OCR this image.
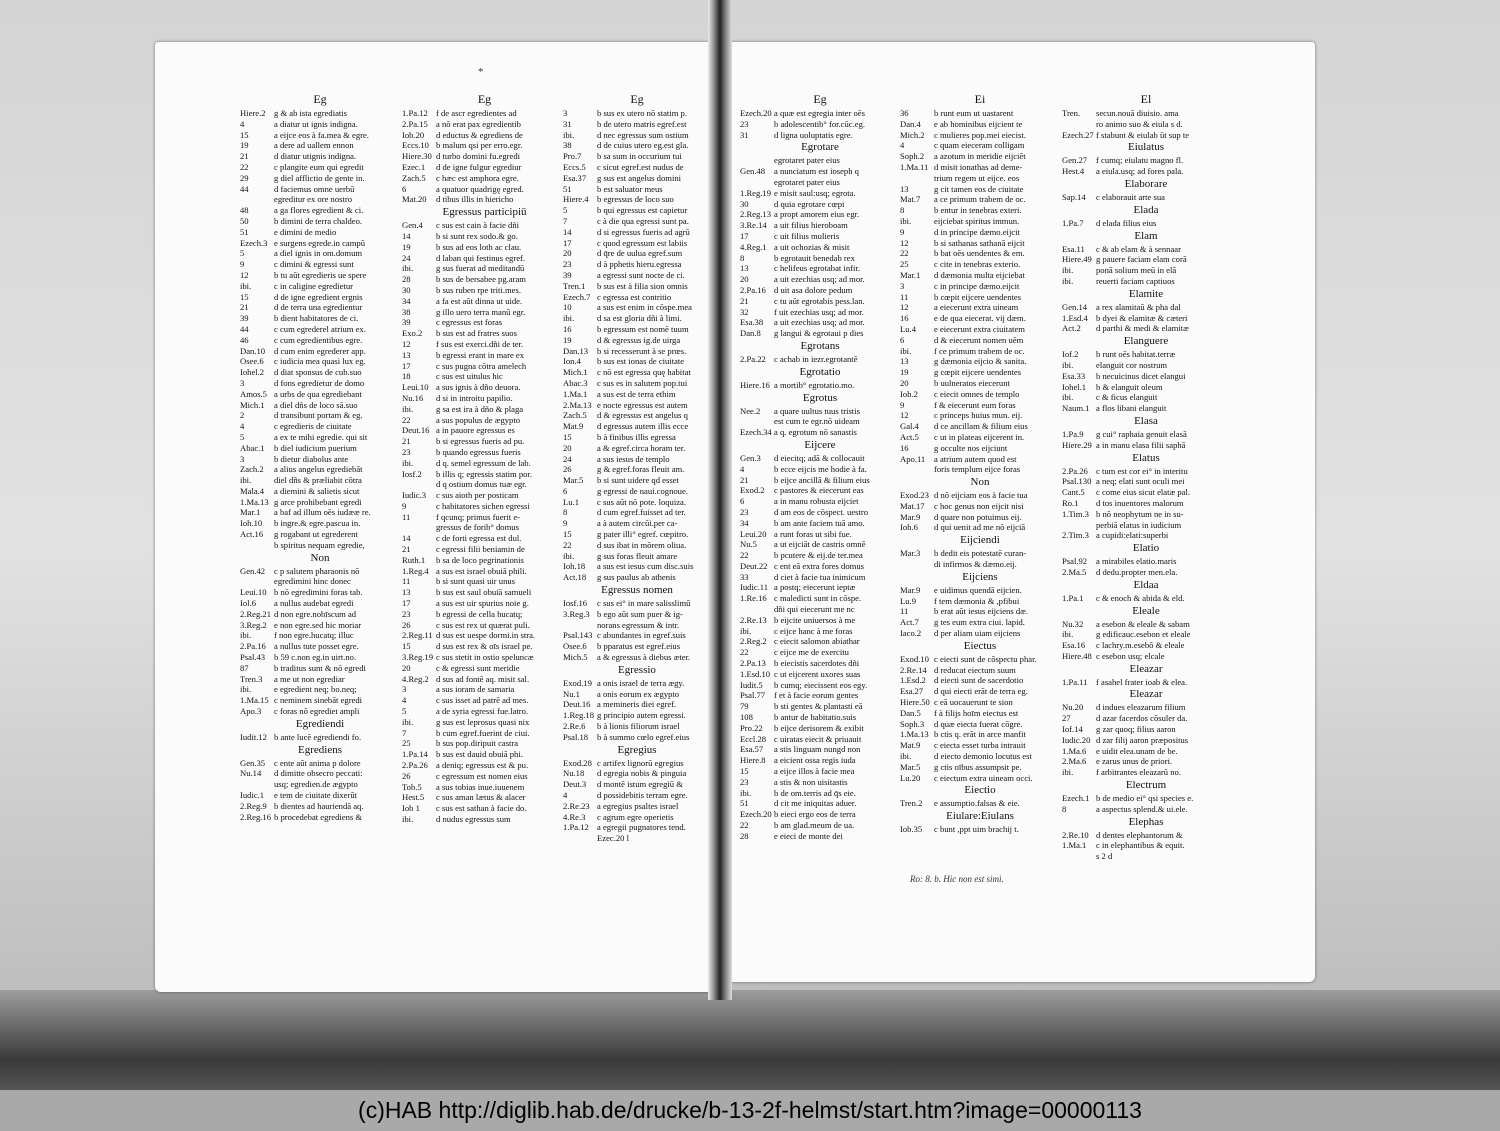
*
Eg
Hiere.2 g & ab ista egrediatis
4	a diatur ut ignis indigna.
15	a eijce eos à fa.mea & egre.
19	a dere ad uallem ennon
21	d diatur utignis indigna.
22	c plangite eum qui egredit
29	g diel afflictio de gente in.
44	d faciemus omne uerbū
egreditur ex ore nostro
48	a ga flores egredient & ci.
50	b dimini de terra chaldeo.
51	e dimini de medio
Ezech.3 e surgens egrede.in campū
5	a diel ignis in om.domum
9	c dimini & egressi sunt
12	b tu aūt egredieris ue spere
ibi.	c in caligine egredietur
15	d de igne egredient ergnis
21	d de terra una egredientur
39	b dient habitatores de ci.
44	c cum egrederel atrium ex.
46	c cum egredientibus egre.
Dan.10 d cum enim egrederer app.
Osee.6 c iudicia mea quasi lux eg.
Iohel.2 d diat sponsus de cub.suo
3	d fons egredietur de domo
Amos.5 a urbs de qua egrediebant
Mich.1 a diel dñs de loco sā.suo
2	d transibunt portam & eg.
4	c egredieris de ciuitate
5	a ex te mihi egredie. qui sit
Abac.1 b diel iudicium puerium
3	b dietur diabolus ante
Zach.2 a alius angelus egrediebāt
ibi.	diel dñs & præliabit cōtra
Mala.4 a diemini & salietis sicut
1.Ma.13 g arce prohibebant egredi
Mar.1 a baf ad illum oēs iudææ re.
Ioh.10 b ingre.& egre.pascua in.
Act.16 g rogabant ut egrederent
b spiritus nequam egredie,
Non
Gen.42 c p salutem pharaonis nō
egredimini hinc donec
Leui.10 b nō egredimini foras tab.
Iol.6 a nullus audebat egredi
2.Reg.21 d non egre.nobīscum ad
3.Reg.2 e non egre.sed hic moriar
ibi.	f non egre.hucatq; illuc
2.Pa.16 a nullus tute posset egre.
Psal.43 b 59 c.non eg.in uirt.no.
87	b traditus sum & nō egredi
Tren.3 a me ut non egrediar
ibi.	e egredient neq; bo.neq;
1.Ma.15 c neminem sinebāt egredi
Apo.3 c foras nō egrediet ampli
Egrediendi
Iudit.12 b ante lucē egrediendi fo.
Egrediens
Gen.35 c ente aūt anima p dolore
Nu.14 d dimitte obsecro peccati:
usq; egredien.de ægypto
Iudic.1 e tem de ciuitate dixerūt
2.Reg.9 b dientes ad hauriendā aq.
2.Reg.16 b procedebat egrediens &
Eg
1.Pa.12 f de ascr egredientes ad
2.Pa.15 a nō erat pax egredientib
Iob.20 d eductus & egrediens de
Eccs.10 b malum qsi per erro.egr.
Hiere.30 d turbo domini fu.egredi
Ezec.1 d de igne fulgur egrediur
Zach.5 c hæc est amphora egre.
6	a quatuor quadrigę egred.
Mat.20 d tibus illis in hiericho
Egressus participiū
Gen.4 c sus est cain à facie dñi
14	b si sunt rex sodo.& go.
19	b sus ad eos loth ac clau.
24	d laban qui festinus egref.
ibi.	g sus fuerat ad meditandū
28	b sus de bersabee pg.aram
30	b sus ruben rpe triti.mes.
34	a fa est aūt dinna ut uide.
38	g illo uero terra manū egr.
39	c egressus est foras
Exo.2 b sus est ad fratres suos
12	f sus est exerci.dñi de ter.
13	b egressi erant in mare ex
17	c sus pugna cōtra amelech
18	c sus est uitulus hic
Leui.10 a sus ignis à dño deuora.
Nu.16 d si in introitu papilio.
ibi.	g sa est ira à dño & plaga
22	a sus populus de ægypto
Deut.16 a in pauore egressus es
21	b si egressus fueris ad pu.
23	b quando egressus fueris
ibi.	d q. semel egressum de lab.
Iosf.2 b illis q; egressis statim por.
d q ostium domus tuæ egr.
Iudic.3 c sus aioth per posticam
9	c habitatores sichen egressi
11	f qcunq; primus fuerit e-
gressus de forib° domus
14	c de forti egressa est dul.
21	c egressi filii beniamin de
Ruth.1 b sa de loco pegrinationis
1.Reg.4 a sus est israel obuiā phili.
11	b si sunt quasi uir unus
13	b sus est saul obuiā samueli
17	a sus est uir spurius noie g.
23	b egressi de cella hucatq;
26	c sus est rex ut quærat puli.
2.Reg.11 d sus est uespe dormi.in stra.
15	d sus est rex & oīs israel pe.
3.Reg.19 c sus stetit in ostio speluncæ
20	c & egressi sunt meridie
4.Reg.2 d sus ad fontē aq. misit sal.
3	a sus ioram de samaria
4	c sus isset ad patrē ad mes.
5	a de syria egressi fue.latro.
ibi.	g sus est leprosus quasi nix
7	b cum egref.fuerint de ciui.
25	b sus pop.diripuit castra
1.Pa.14 b sus est dauid obuiā phi.
2.Pa.26 a deniq; egressus est & pu.
26	c egressum est nomen eius
Tob.5 a sus tobias inue.iuuenem
Hest.5 c sus aman lætus & alacer
Iob 1 c sus est sathan à facie do.
ibi.	d nudus egressus sum
Eg
3	b sus ex utero nō statim p.
31	b de utero matris egref.est
ibi.	d nec egressus sum ostium
38	d de cuius utero eg.est gla.
Pro.7 b sa sum in occurium tui
Eccs.5 c sicut egref.est nudus de
Esa.37 g sus est angelus domini
51	b est saluator meus
Hiere.4 b egressus de loco suo
5	b qui egressus est capietur
7	c à die qua egressi sunt pa.
14	d si egressus fueris ad agrū
17	c quod egressum est labiis
20	d q̄re de uulua egref.sum
23	d à pphetis hieru.egressa
39	a egressi sunt nocte de ci.
Tren.1 b sus est à filia sion omnis
Ezech.7 c egressa est contritio
10	a sus est enim in cōspe.mea
ibi.	d sa est gloria dñi à limi.
16	b egressum est nomē tuum
19	d & egressus ig.de uirga
Dan.13 b si recesserunt à se prœs.
Ion.4 b sus est ionas de ciuitate
Mich.1 c nō est egressa quę habitat
Abac.3 c sus es in salutem pop.tui
1.Ma.1 a sus est de terra ethim
2.Ma.13 e nocte egressus est autem
Zach.5 d & egressus est angelus q
Mat.9 d egressus autem illis ecce
15	b à finibus illis egressa
20	a & egref.circa horam ter.
24	a sus iesus de templo
26	g & egref.foras fleuit am.
Mar.5 b si sunt uidere qd esset
6	g egressi de naui.cognoue.
Lu.1 c sus aūt nō pote. loquiza.
8	d cum egref.fuisset ad ter.
9	a à autem circūi.per ca-
15	g pater illi° egref. cœpitro.
22	d sus ibat in mõrem oliua.
ibi.	g sus foras fleuit amare
Ioh.18 a sus est iesus cum disc.suis
Act.18 g sus paulus ab athenis
Egressus nomen
Iosf.16 c sus ei° in mare salisslimū
3.Reg.3 b ego aūt sum puer & ig-
norans egressum & intr.
Psal.143 c abundantes in egref.suis
Osee.6 b pparatus est egref.eius
Mich.5 a & egressus à diebus æter.
Egressio
Exod.19 a onis israel de terra ægy.
Nu.1 a onis eorum ex ægypto
Deut.16 a memineris diei egref.
1.Reg.18 g principio autem egressi.
2.Re.6 b à lionis filiorum israel
Psal.18 b à summo cœlo egref.eius
Egregius
Exod.28 c artifex lignorū egregius
Nu.18 d egregia nobis & pinguia
Deut.3 d montē istum egregiū &
4	d possidebitis terram egre.
2.Re.23 a egregius psaltes israel
4.Re.3 c agrum egre operietis
1.Pa.12 a egregii pugnatores tend.
Ezec.20 l
Eg
Ezech.20 a quæ est egregia inter oēs
23	b adolescentib° for.cūc.eg.
31	d ligna uoluptatis egre.
Egrotare
egrotaret pater eius
Gen.48 a nunciatum est ioseph q
egrotaret pater eius
1.Reg.19 e misit saul:usq; egrota.
30	d quia egrotare cœpi
2.Reg.13 a propt amorem eius egr.
3.Re.14 a uit filius hieroboam
17	c uit filius mulieris
4.Reg.1 a uit ochozias & misit
8	b egrotauit benedab rex
13	c helifeus egrotabat infir.
20	a uit ezechias usq; ad mor.
2.Pa.16 d uit asa dolore pedum
21	c tu aūt egrotabis pess.lan.
32	f uit ezechias usq; ad mor.
Esa.38 a uit ezechias usq; ad mor.
Dan.8 g langui & egrotaui p dies
Egrotans
2.Pa.22 c achab in iezr.egrotantē
Egrotatio
Hiere.16 a mortib° egrotatio.mo.
Egrotus
Nee.2 a quare uultus tuus tristis
est cum te egr.nō uideam
Ezech.34 a q. egrotum nō sanastis
Eijcere
Gen.3 d eiecitq; adā & collocauit
4	b ecce eijcis me hodie à fa.
21	b eijce ancillā & filium eius
Exod.2 c pastores & eiecerunt eas
6	a in manu robusta eijciet
23	d am eos de cōspect. uestro
34	b am ante faciem tuā amo.
Leui.20 a runt foras ut sibi fue.
Nu.5 a ut eijciāt de castris omnē
22	b pcutere & eij.de ter.mea
Deut.22 c ent eā extra fores domus
33	d ciet à facie tua inimicum
Iudic.11 a postq; eiecerunt ieptæ
1.Re.16 c maledicti sunt in cōspe.
dñi qui eiecerunt me nc
2.Re.13 b eijcite uniuersos à me
ibi.	c eijce hanc à me foras
2.Reg.2 c eiecit salomon abiathar
22	c eijce me de exercitu
2.Pa.13 b eiecistis sacerdotes dñi
1.Esd.10 c ut eijcerent uxores suas
Iudit.5 b cumq; eiecissent eos egy.
Psal.77 f et à facie eorum gentes
79	b sti gentes & plantasti eā
108 b antur de habitatio.suis
Pro.22 b eijce derisorem & exibit
Eccl.28 c uiratas eiecit & priuauit
Esa.57 a stis linguam nungd non
Hiere.8 a eicient ossa regis iuda
15	a eijce illos à facie mea
23	a stis & non uisitastis
ibi.	b de om.terris ad q̄s eie.
51	d cit me iniquitas aduer.
Ezech.20 b eieci ergo eos de terra
22	b am glad.meum de ua.
28	e eieci de monte dei
Ei
36	b runt eum ut uastarent
Dan.4 e ab hominibus eijcient te
Mich.2 c mulieres pop.mei eiecist.
4	c quam eieceram colligam
Soph.2 a azotum in meridie eijciēt
1.Ma.11 d misit ionathas ad deme-
trium regem ut eijce. eos
13	g cit tamen eos de ciuitate
Mat.7 a ce primum trabem de oc.
8	b entur in tenebras exteri.
ibi.	eijciebat spiritus immun.
9	d in principe dæmo.eijcit
12	b si sathanas sathanā eijcit
22	b bat oēs uendentes & em.
25	c cite in tenebras exterio.
Mar.1 d dæmonia multa eijciebat
3	c in principe dæmo.eijcit
11	b cœpit eijcere uendentes
12	a eiecerunt extra uineam
16	e de qua eiecerat. vij dæm.
Lu.4 e eiecerunt extra ciuitatem
6	d & eiecerunt nomen uēm
ibi.	f ce primum trabem de oc.
13	g dæmonia eijcio & sanita.
19	g cœpit eijcere uendentes
20	b uulneratos eiecerunt
Ioh.2 c eiecit omnes de templo
9	f & eiecerunt eum foras
12	c princeps huius mun. eij.
Gal.4 d ce ancillam & filium eius
Act.5 c ut in plateas eijcerent in.
16	g occulte nos eijciunt
Apo.11 a atrium autem quod est
foris templum eijce foras
Non
Exod.23 d nō eijciam eos à facie tua
Mat.17 c hoc genus non eijcit nisi
Mar.9 d quare non potuimus eij.
Ioh.6 d qui uenit ad me nō eijciā
Eijciendi
Mar.3 b dedit eis potestatē curan-
di infirmos & dæmo.eij.
Eijciens
Mar.9 e uidimus quendā eijcien.
Lu.9 f tem dæmonia & ,pfibui
11	b erat aūt iesus eijciens dæ.
Act.7 g tes eum extra ciui. lapid.
Iaco.2 d per aliam uiam eijciens
Eiectus
Exod.10 c eiecti sunt de cōspectu phar.
2.Re.14 d reducat eiectum suum
1.Esd.2 d eiecti sunt de sacerdotio
Esa.27 d qui eiecti erāt de terra eg.
Hiere.50 c eā uocauerunt te sion
Dan.5 f à filijs hoīm eiectus est
Soph.3 d quæ eiecta fuerat cōgre.
1.Ma.13 b ctis q. erāt in arce manfit
Mat.9 c eiecta esset turba intrauit
ibi.	d eiecto demonio locutus est
Mar.5 g ctis oībus assumpsit pe.
Lu.20 c eiectum extra uineam occi.
Eiectio
Tren.2 e assumptio.falsas & eie.
Eiulare:Eiulans
Iob.35 c bunt ,ppt uim brachij t.
El
Tren. secun.nouā diuisio. ama
ro animo suo & eiula s d.
Ezech.27 f stabunt & eiulab ūt sup te
Eiulatus
Gen.27 f cumq; eiulatu magno fl.
Hest.4 a eiula.usq; ad fores pala.
Elaborare
Sap.14 c elaborauit arte sua
Elada
1.Pa.7 d elada filius eius
Elam
Esa.11 c & ab elam & à sennaar
Hiere.49 g pauere faciam elam corā
ibi.	ponā solium meū in elā
ibi.	reuerti faciam captiuos
Elamite
Gen.14 a rex alamitaū & pha dal
1.Esd.4 b dyei & elamitæ & cæteri
Act.2 d parthi & medi & elamitæ
Elanguere
Iof.2 b runt oēs habitat.terræ
ibi.	elanguit cor nostrum
Esa.33 b necuicinus dicet elangui
Iohel.1 b & elanguit oleum
ibi.	c & ficus elanguit
Naum.1 a flos libani elanguit
Elasa
1.Pa.9 g cui° raphaia genuit elasā
Hiere.29 a in manu elasa filii saphā
Elatus
2.Pa.26 c tum est cor ei° in interitu
Psal.130 a neq; elati sunt oculi mei
Cant.5 c come eius sicut elatæ pal.
Ro.1 d tos inuentores malorum
1.Tim.3 b nō neophytum ne in su-
perbiā elatus in iudicium
2.Tim.3 a cupidi:elati:superbi
Elatio
Psal.92 a mirabiles elatio.maris
2.Ma.5 d dedu.propter men.ela.
Eldaa
1.Pa.1 c & enoch & abida & eld.
Eleale
Nu.32 a esebon & eleale & sabam
ibi.	g edificauc.esebon et eleale
Esa.16 c lachry.m.esebō & eleale
Hiere.48 c esebon usq; elcale
Eleazar
1.Pa.11 f asahel frater ioab & elea.
Eleazar
Nu.20 d indues eleazarum filium
27	d azar facerdos cōsuler da.
Iof.14 g zar quoq; filius aaron
Iudic.20 d zar filij aaron præpositus
1.Ma.6 e uidit elea.unam de be.
2.Ma.6 e zarus unus de priori.
ibi.	f arbitrantes eleazarū no.
Electrum
Ezech.1 b de medio ei° qsi species e.
8	a aspectus splend.& ui.ele.
Elephas
2.Re.10 d dentes elephantorum &
1.Ma.1 c in elephantibus & equit.
s 2 d
Ro: 8. b. Hic non est simi.
(c)HAB http://diglib.hab.de/drucke/b-13-2f-helmst/start.htm?image=00000113
